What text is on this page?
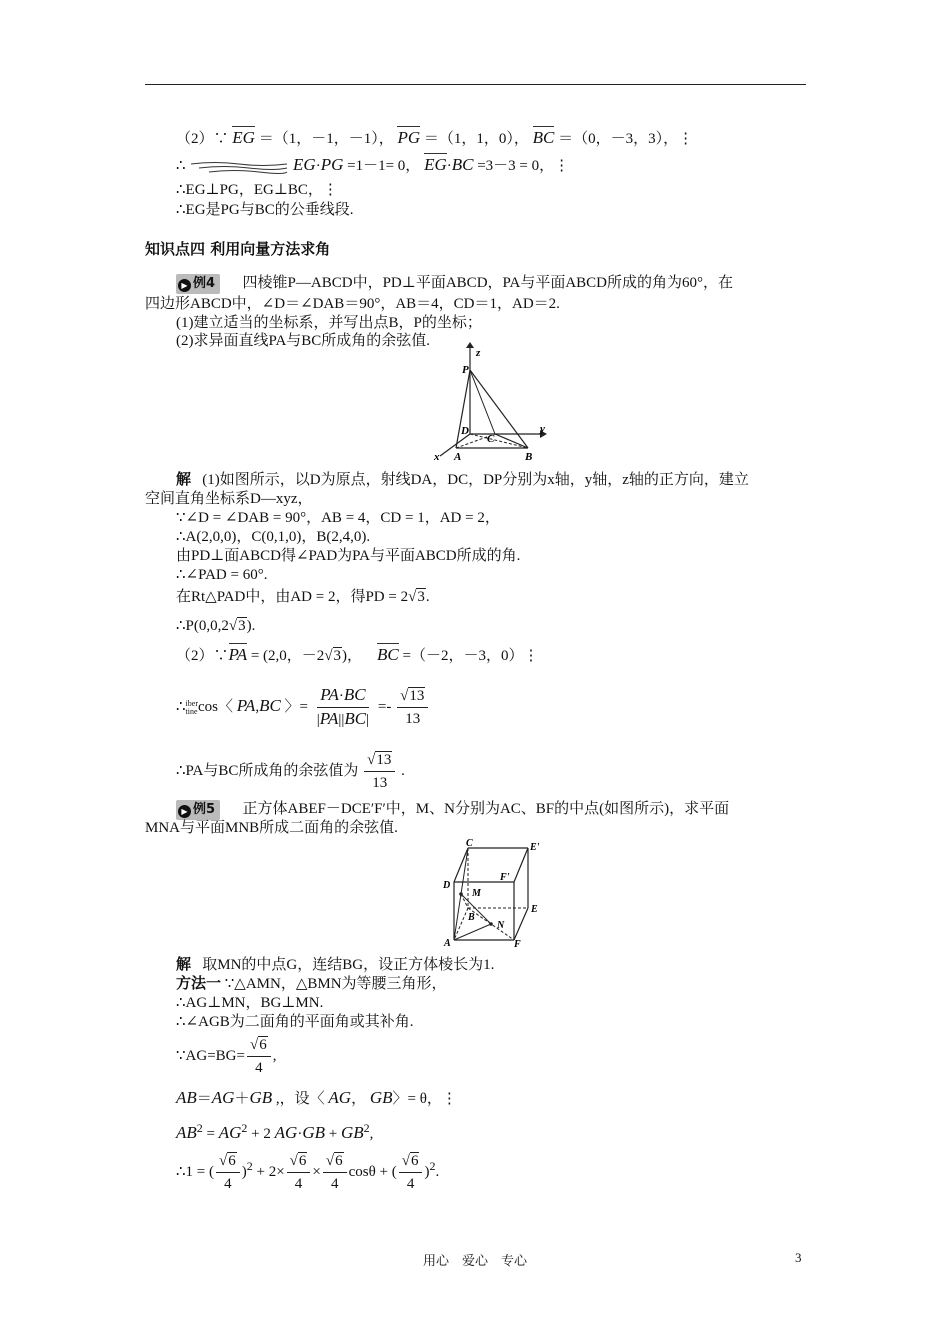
（2）∵ EG ＝（1，－1，－1）， PG ＝（1，1，0）， BC ＝（0，－3，3），⋮
∴	EG·PG =1－1= 0， EG·BC =3－3 = 0，⋮
∴EG⊥PG，EG⊥BC，⋮
∴EG是PG与BC的公垂线段.
知识点四 利用向量方法求角
▶ 例4 四棱锥P—ABCD中，PD⊥平面ABCD，PA与平面ABCD所成的角为60°，在
四边形ABCD中，∠D＝∠DAB＝90°，AB＝4，CD＝1，AD＝2.
(1)建立适当的坐标系，并写出点B，P的坐标；
(2)求异面直线PA与BC所成角的余弦值.
z
P
y
D
C
x A	B
解 (1)如图所示，以D为原点，射线DA，DC，DP分别为x轴，y轴，z轴的正方向，建立
空间直角坐标系D—xyz，
∵∠D = ∠DAB = 90°，AB = 4，CD = 1，AD = 2，
∴A(2,0,0)，C(0,1,0)，B(2,4,0).
由PD⊥面ABCD得∠PAD为PA与平面ABCD所成的角.
∴∠PAD = 60°.
在Rt△PAD中，由AD = 2，得PD = 2√3.
∴P(0,0,2√3).
（2）∵PA = (2,0，－2√3)， BC =（－2，－3，0）⋮
∴iber
tinecos〈 PA,BC 〉= $\frac{PA\cdot BC}{|PA||BC|} =- \frac{√13}{13}$
∴PA与BC所成角的余弦值为 $\frac{√13}{13}$ .
▶ 例5 正方体ABEF－DCE′F′中，M、N分别为AC、BF的中点(如图所示)，求平面
MNA与平面MNB所成二面角的余弦值.
C	E'
D
F'
M
E
B
N
A	F
解 取MN的中点G，连结BG，设正方体棱长为1.
方法一 ∵△AMN，△BMN为等腰三角形，
∴AG⊥MN，BG⊥MN.
∴∠AGB为二面角的平面角或其补角.
∵AG=BG= $\frac{√6}{4}$ ,
AB＝AG＋GB ,，设〈 AG， GB〉= θ，⋮
$AB^2 = AG^2 + 2$ $AG\cdot GB + GB^2$,
∴1 = ( $\frac{√6}{4} )^2 + 2\times \frac{√6}{4} \times \frac{√6}{4}$ cosθ + ( $\frac{√6}{4} )^2$.
用心　爱心　专心	3
